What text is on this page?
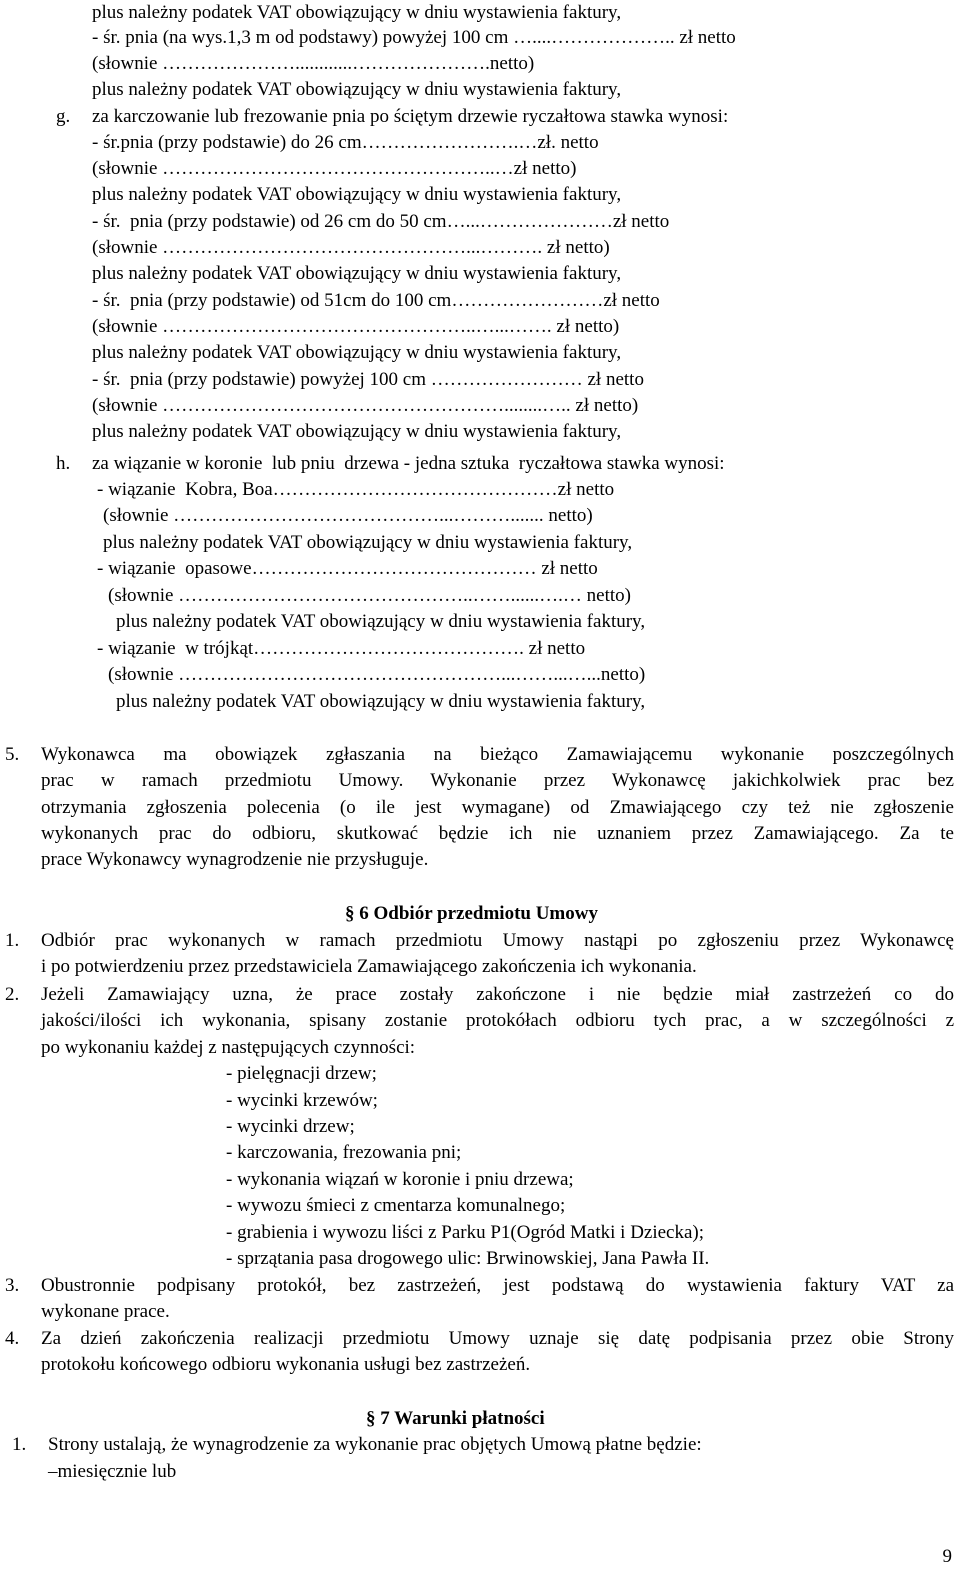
plus należny podatek VAT obowiązujący w dniu wystawienia faktury,
- śr. pnia (na wys.1,3 m od podstawy) powyżej 100 cm …....……………….. zł netto
(słownie …………………............………………….netto)
plus należny podatek VAT obowiązujący w dniu wystawienia faktury,
g. za karczowanie lub frezowanie pnia po ściętym drzewie ryczałtowa stawka wynosi:
- śr.pnia (przy podstawie) do 26 cm…………………….…zł. netto
(słownie ……………………………………………..…zł netto)
plus należny podatek VAT obowiązujący w dniu wystawienia faktury,
- śr.  pnia (przy podstawie) od 26 cm do 50 cm…...…………………zł netto
(słownie …………………………………………...………. zł netto)
plus należny podatek VAT obowiązujący w dniu wystawienia faktury,
- śr.  pnia (przy podstawie) od 51cm do 100 cm……………………zł netto
(słownie …………………………………………..…...……. zł netto)
plus należny podatek VAT obowiązujący w dniu wystawienia faktury,
- śr.  pnia (przy podstawie) powyżej 100 cm …………………… zł netto
(słownie ………………………………………………........….. zł netto)
plus należny podatek VAT obowiązujący w dniu wystawienia faktury,
h. za wiązanie w koronie  lub pniu  drzewa - jedna sztuka  ryczałtowa stawka wynosi:
- wiązanie  Kobra, Boa………………………………………zł netto
(słownie ……………………………………...………....... netto)
plus należny podatek VAT obowiązujący w dniu wystawienia faktury,
- wiązanie  opasowe……………………………………… zł netto
(słownie ………………………………………..……......….… netto)
plus należny podatek VAT obowiązujący w dniu wystawienia faktury,
- wiązanie  w trójkąt……………………………………. zł netto
(słownie ……………………………………………...……...…...netto)
plus należny podatek VAT obowiązujący w dniu wystawienia faktury,
5. Wykonawca ma obowiązek zgłaszania na bieżąco Zamawiającemu wykonanie poszczególnych
prac w ramach przedmiotu Umowy. Wykonanie przez Wykonawcę jakichkolwiek prac bez
otrzymania zgłoszenia polecenia (o ile jest wymagane) od Zmawiającego czy też nie zgłoszenie
wykonanych prac do odbioru, skutkować będzie ich nie uznaniem przez Zamawiającego. Za te
prace Wykonawcy wynagrodzenie nie przysługuje.
§ 6 Odbiór przedmiotu Umowy
1. Odbiór prac wykonanych w ramach przedmiotu Umowy nastąpi po zgłoszeniu przez Wykonawcę
i po potwierdzeniu przez przedstawiciela Zamawiającego zakończenia ich wykonania.
2. Jeżeli Zamawiający uzna, że prace zostały zakończone i nie będzie miał zastrzeżeń co do
jakości/ilości ich wykonania, spisany zostanie protokółach odbioru tych prac, a w szczególności z
po wykonaniu każdej z następujących czynności:
- pielęgnacji drzew;
- wycinki krzewów;
- wycinki drzew;
- karczowania, frezowania pni;
- wykonania wiązań w koronie i pniu drzewa;
- wywozu śmieci z cmentarza komunalnego;
- grabienia i wywozu liści z Parku P1(Ogród Matki i Dziecka);
- sprzątania pasa drogowego ulic: Brwinowskiej, Jana Pawła II.
3. Obustronnie podpisany protokół, bez zastrzeżeń, jest podstawą do wystawienia faktury VAT za
wykonane prace.
4. Za dzień zakończenia realizacji przedmiotu Umowy uznaje się datę podpisania przez obie Strony
protokołu końcowego odbioru wykonania usługi bez zastrzeżeń.
§ 7 Warunki płatności
1. Strony ustalają, że wynagrodzenie za wykonanie prac objętych Umową płatne będzie:
–miesięcznie lub
9
